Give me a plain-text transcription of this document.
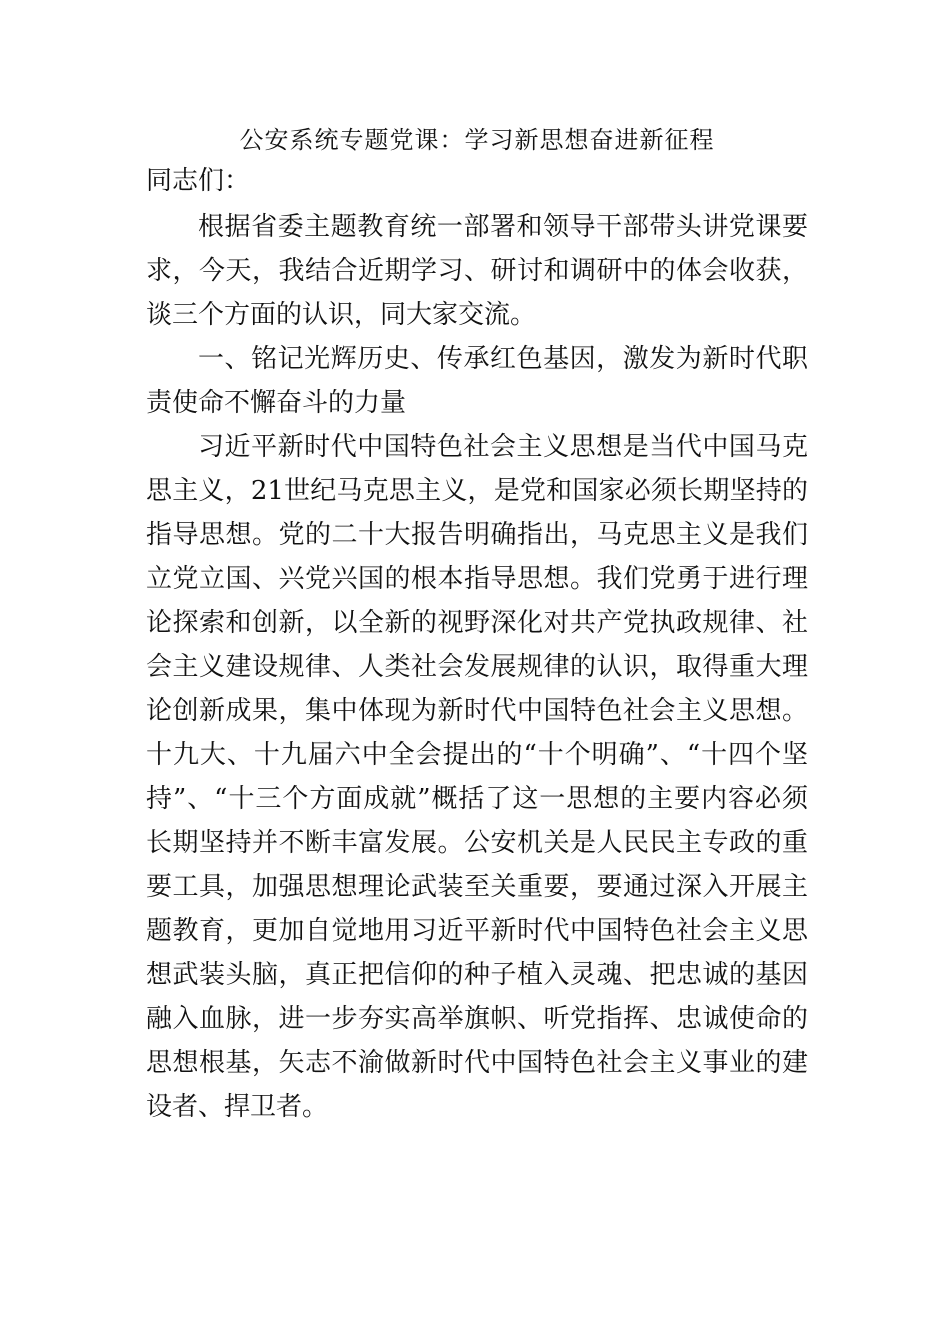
公安系统专题党课：学习新思想奋进新征程

同志们：

根据省委主题教育统一部署和领导干部带头讲党课要求，今天，我结合近期学习、研讨和调研中的体会收获，谈三个方面的认识，同大家交流。

一、铭记光辉历史、传承红色基因，激发为新时代职责使命不懈奋斗的力量

习近平新时代中国特色社会主义思想是当代中国马克思主义，21世纪马克思主义，是党和国家必须长期坚持的指导思想。党的二十大报告明确指出，马克思主义是我们立党立国、兴党兴国的根本指导思想。我们党勇于进行理论探索和创新，以全新的视野深化对共产党执政规律、社会主义建设规律、人类社会发展规律的认识，取得重大理论创新成果，集中体现为新时代中国特色社会主义思想。十九大、十九届六中全会提出的“十个明确”、“十四个坚持”、“十三个方面成就”概括了这一思想的主要内容必须长期坚持并不断丰富发展。公安机关是人民民主专政的重要工具，加强思想理论武装至关重要，要通过深入开展主题教育，更加自觉地用习近平新时代中国特色社会主义思想武装头脑，真正把信仰的种子植入灵魂、把忠诚的基因融入血脉，进一步夯实高举旗帜、听党指挥、忠诚使命的思想根基，矢志不渝做新时代中国特色社会主义事业的建设者、捍卫者。
